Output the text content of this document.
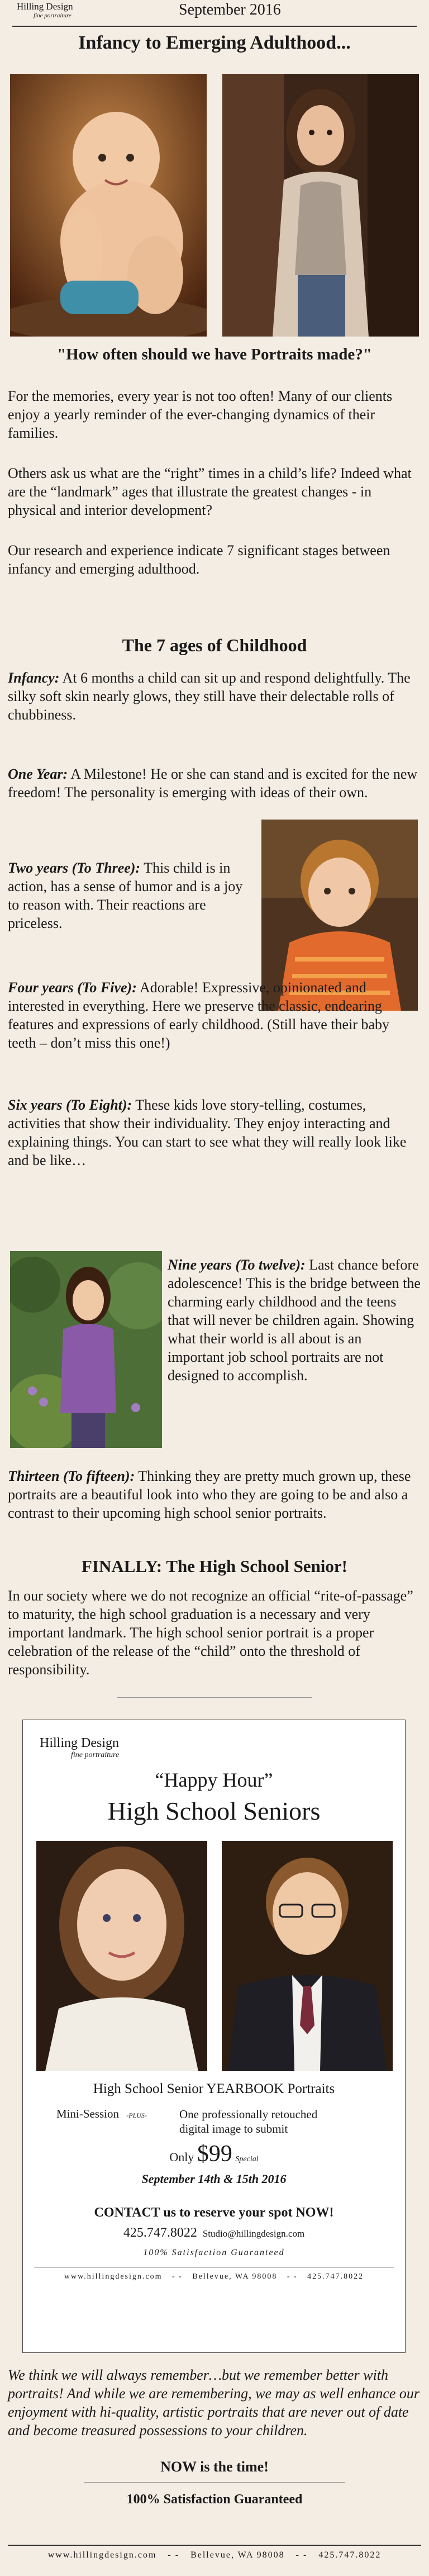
Hilling Design
fine portraiture	September 2016
Infancy to Emerging Adulthood...
"How often should we have Portraits made?"
For the memories, every year is not too often! Many of our clients enjoy a yearly reminder of the ever-changing dynamics of their families.
Others ask us what are the “right” times in a child’s life? Indeed what are the “landmark” ages that illustrate the greatest changes - in physical and interior development?
Our research and experience indicate 7 significant stages between infancy and emerging adulthood.
The 7 ages of Childhood
Infancy: At 6 months a child can sit up and respond delightfully. The silky soft skin nearly glows, they still have their delectable rolls of chubbiness.
One Year: A Milestone! He or she can stand and is excited for the new freedom! The personality is emerging with ideas of their own.
Two years (To Three): This child is in action, has a sense of humor and is a joy to reason with. Their reactions are priceless.
Four years (To Five): Adorable! Expressive, opinionated and interested in everything. Here we preserve the classic, endearing features and expressions of early childhood. (Still have their baby teeth – don’t miss this one!)
Six years (To Eight): These kids love story-telling, costumes, activities that show their individuality. They enjoy interacting and explaining things. You can start to see what they will really look like and be like…
Nine years (To twelve): Last chance before adolescence! This is the bridge between the charming early childhood and the teens that will never be children again. Showing what their world is all about is an important job school portraits are not designed to accomplish.
Thirteen (To fifteen): Thinking they are pretty much grown up, these portraits are a beautiful look into who they are going to be and also a contrast to their upcoming high school senior portraits.
FINALLY: The High School Senior!
In our society where we do not recognize an official “rite-of-passage” to maturity, the high school graduation is a necessary and very important landmark. The high school senior portrait is a proper celebration of the release of the “child” onto the threshold of responsibility.
Hilling Design
fine portraiture
“Happy Hour”
High School Seniors
High School Senior YEARBOOK Portraits
Mini-Session -PLUS-	One professionally retouched digital image to submit
Only $99 Special
September 14th & 15th 2016
CONTACT us to reserve your spot NOW!
425.747.8022 Studio@hillingdesign.com
100% Satisfaction Guaranteed
www.hillingdesign.com - - Bellevue, WA 98008 - - 425.747.8022
We think we will always remember…but we remember better with portraits! And while we are remembering, we may as well enhance our enjoyment with hi-quality, artistic portraits that are never out of date and become treasured possessions to your children.
NOW is the time!
100% Satisfaction Guaranteed
www.hillingdesign.com - - Bellevue, WA 98008 - - 425.747.8022
